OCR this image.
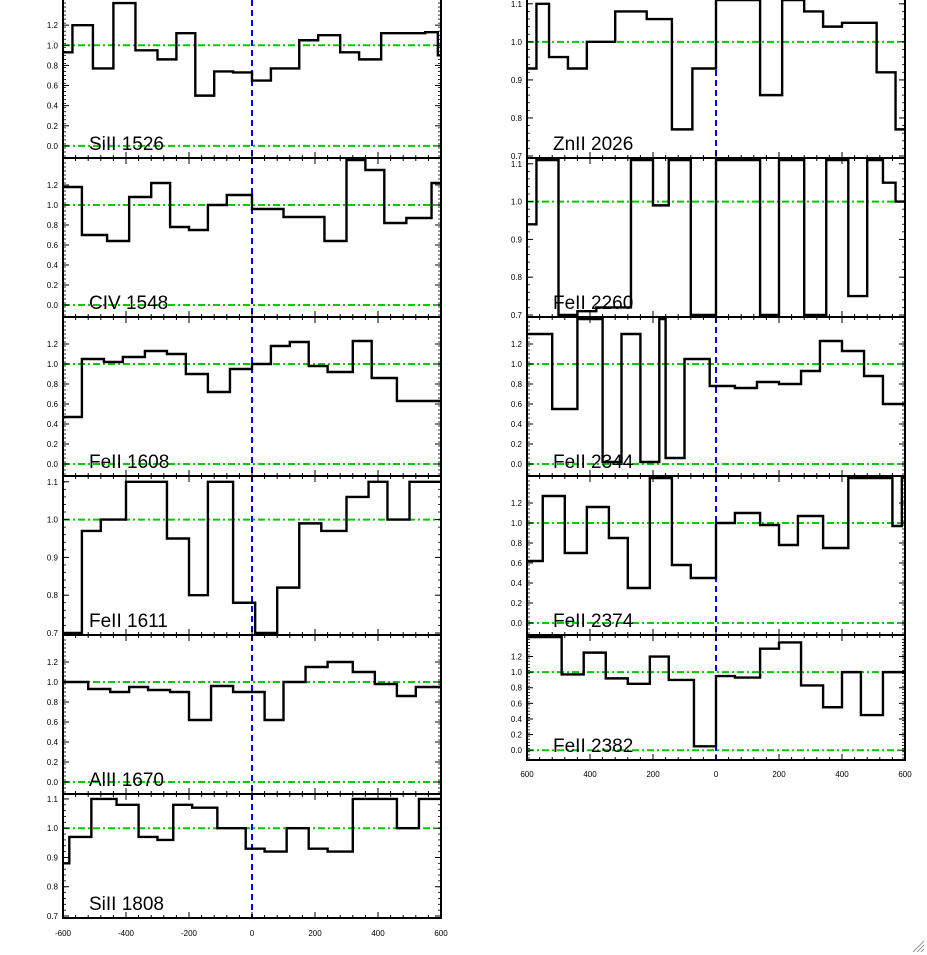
0.0
0.2
0.4
0.6
0.8
1.0
1.2
SiII 1526
0.0
0.2
0.4
0.6
0.8
1.0
1.2
CIV 1548
0.0
0.2
0.4
0.6
0.8
1.0
1.2
FeII 1608
0.7
0.8
0.9
1.0
1.1
FeII 1611
0.0
0.2
0.4
0.6
0.8
1.0
1.2
AlII 1670
0.7
0.8
0.9
1.0
1.1
SiII 1808
0.7
0.8
0.9
1.0
1.1
ZnII 2026
0.7
0.8
0.9
1.0
1.1
FeII 2260
0.0
0.2
0.4
0.6
0.8
1.0
1.2
FeII 2344
0.0
0.2
0.4
0.6
0.8
1.0
1.2
FeII 2374
0.0
0.2
0.4
0.6
0.8
1.0
1.2
FeII 2382
-600	-400	-200	0	200	400	600
600	400	200	0	200	400	600
